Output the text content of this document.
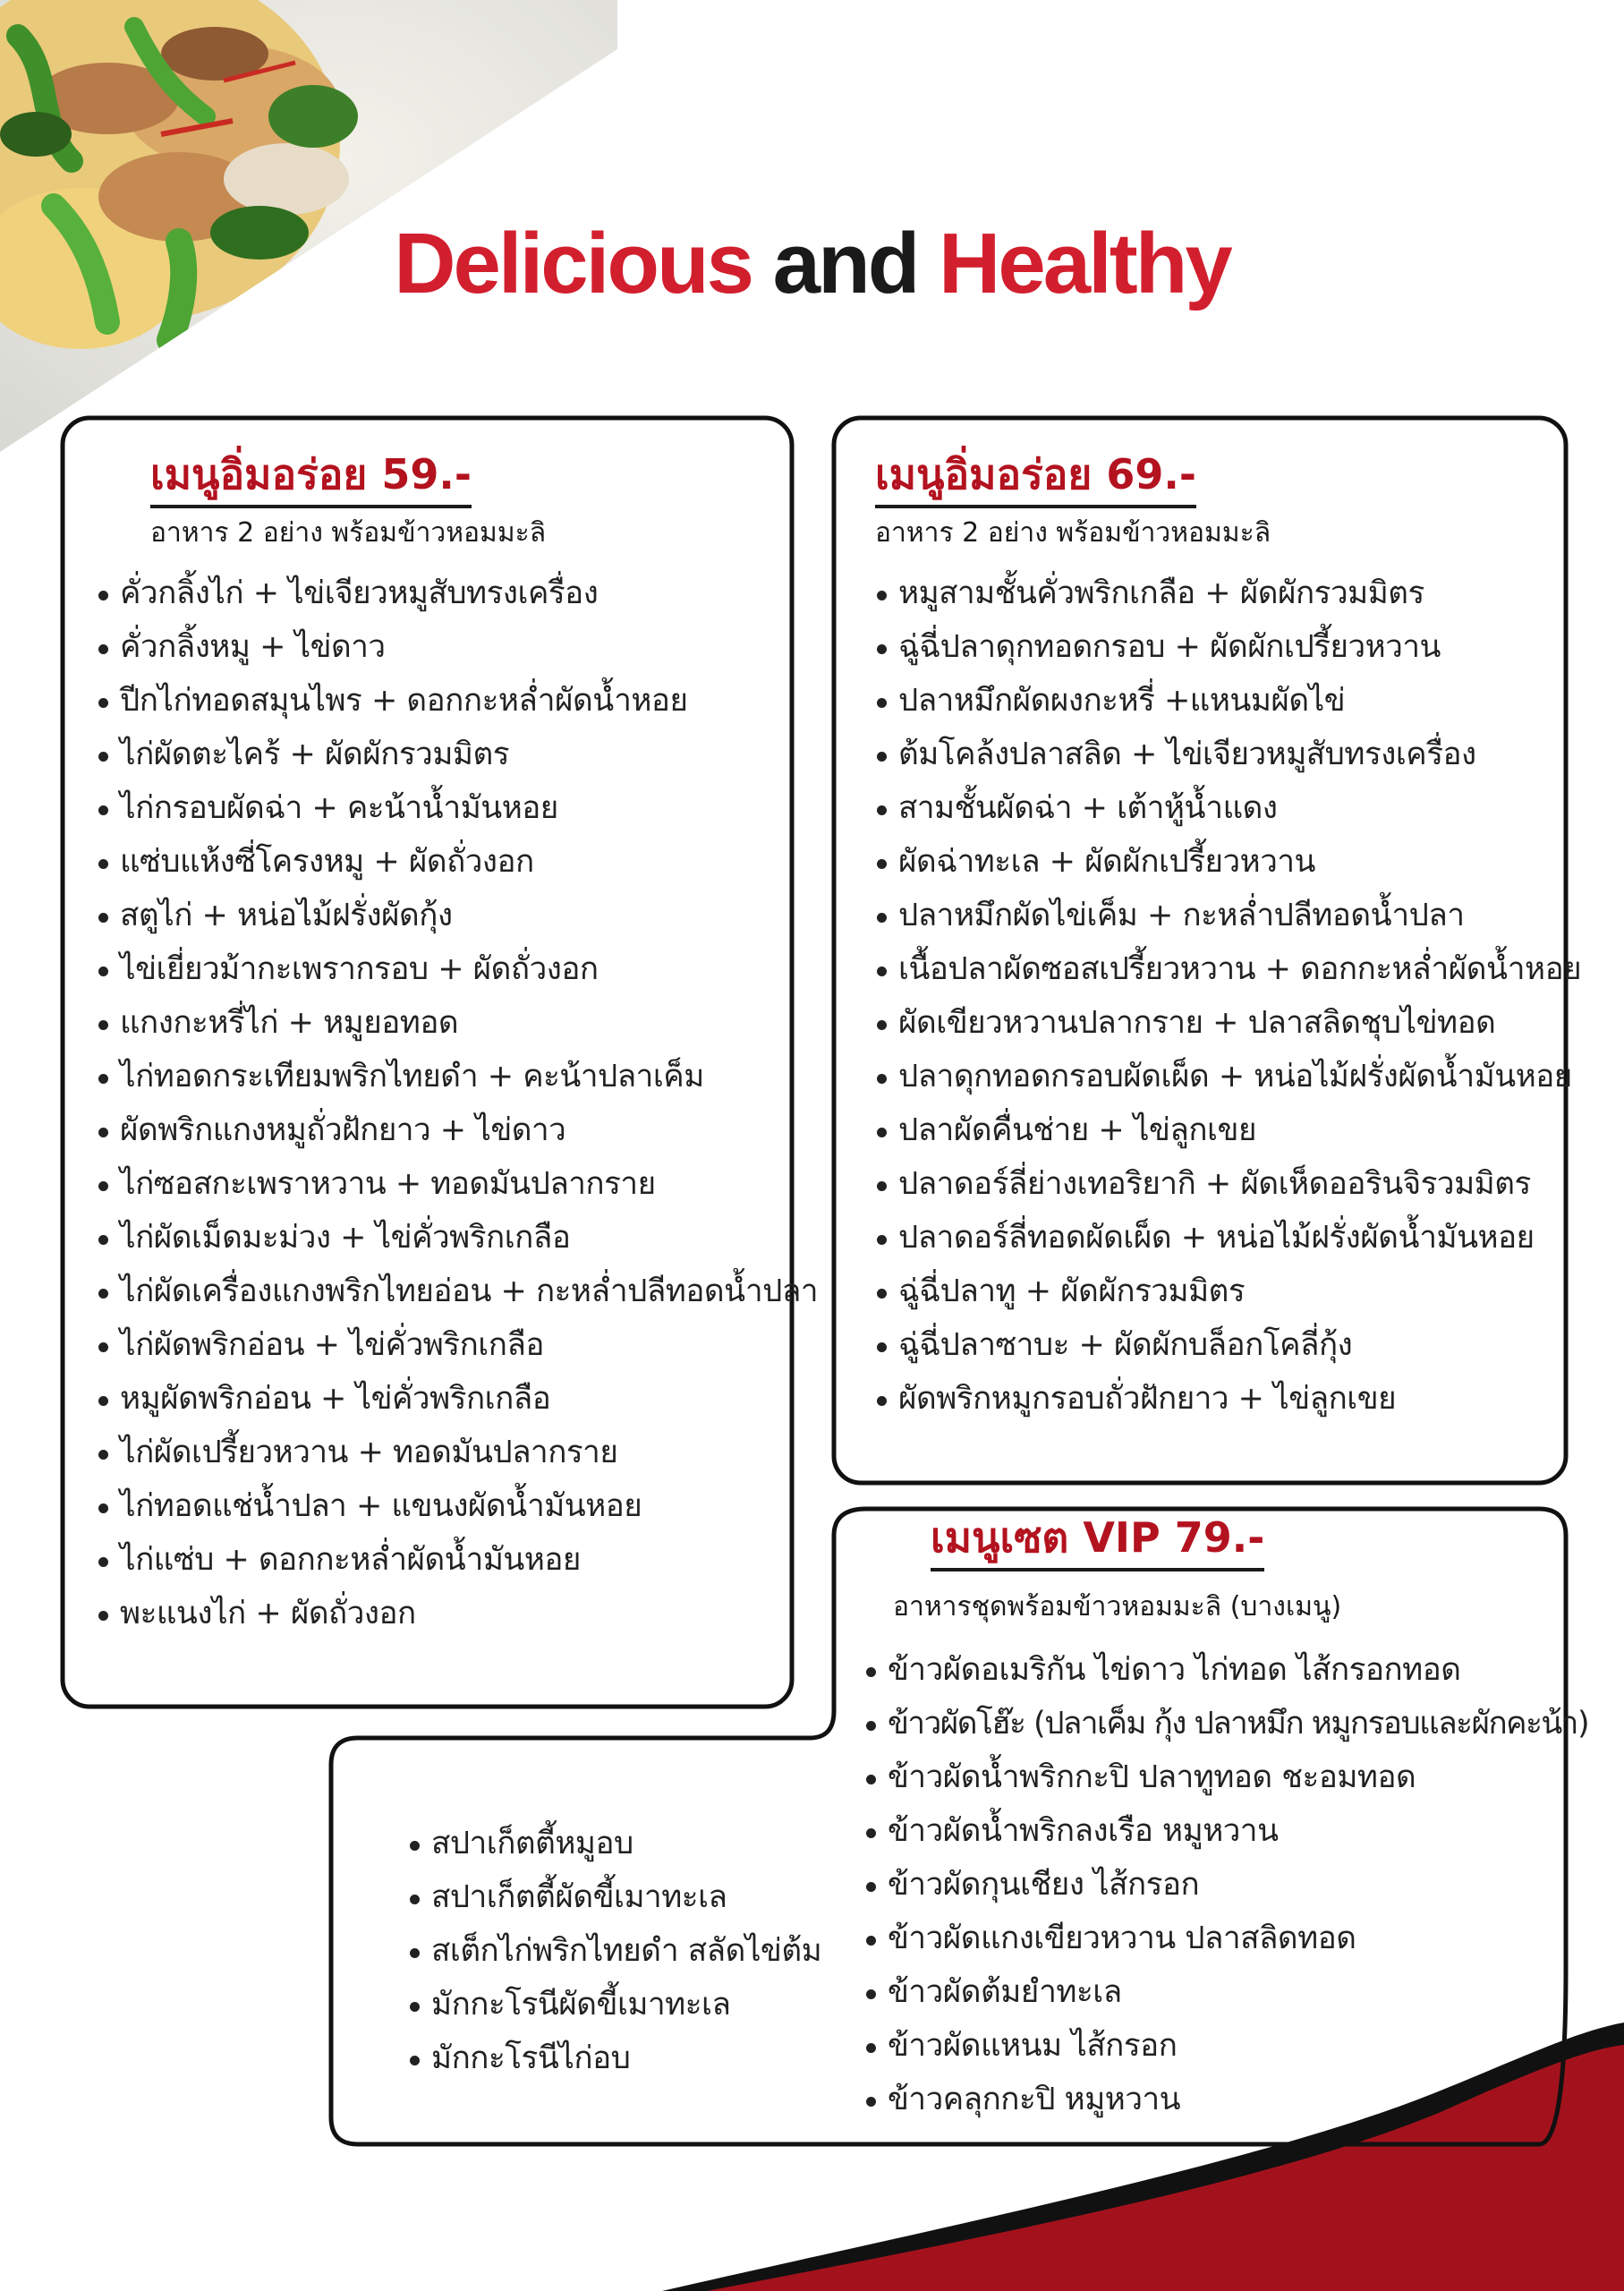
Delicious and Healthy
เมนูอิ่มอร่อย 59.-
อาหาร 2 อย่าง พร้อมข้าวหอมมะลิ
คั่วกลิ้งไก่ + ไข่เจียวหมูสับทรงเครื่อง
คั่วกลิ้งหมู + ไข่ดาว
ปีกไก่ทอดสมุนไพร + ดอกกะหล่ำผัดน้ำหอย
ไก่ผัดตะไคร้ + ผัดผักรวมมิตร
ไก่กรอบผัดฉ่า + คะน้าน้ำมันหอย
แซ่บแห้งซี่โครงหมู + ผัดถั่วงอก
สตูไก่ + หน่อไม้ฝรั่งผัดกุ้ง
ไข่เยี่ยวม้ากะเพรากรอบ + ผัดถั่วงอก
แกงกะหรี่ไก่ + หมูยอทอด
ไก่ทอดกระเทียมพริกไทยดำ + คะน้าปลาเค็ม
ผัดพริกแกงหมูถั่วฝักยาว + ไข่ดาว
ไก่ซอสกะเพราหวาน + ทอดมันปลากราย
ไก่ผัดเม็ดมะม่วง + ไข่คั่วพริกเกลือ
ไก่ผัดเครื่องแกงพริกไทยอ่อน + กะหล่ำปลีทอดน้ำปลา
ไก่ผัดพริกอ่อน + ไข่คั่วพริกเกลือ
หมูผัดพริกอ่อน + ไข่คั่วพริกเกลือ
ไก่ผัดเปรี้ยวหวาน + ทอดมันปลากราย
ไก่ทอดแช่น้ำปลา + แขนงผัดน้ำมันหอย
ไก่แซ่บ + ดอกกะหล่ำผัดน้ำมันหอย
พะแนงไก่ + ผัดถั่วงอก
เมนูอิ่มอร่อย 69.-
อาหาร 2 อย่าง พร้อมข้าวหอมมะลิ
หมูสามชั้นคั่วพริกเกลือ + ผัดผักรวมมิตร
ฉู่ฉี่ปลาดุกทอดกรอบ + ผัดผักเปรี้ยวหวาน
ปลาหมึกผัดผงกะหรี่ +แหนมผัดไข่
ต้มโคล้งปลาสลิด + ไข่เจียวหมูสับทรงเครื่อง
สามชั้นผัดฉ่า + เต้าหู้น้ำแดง
ผัดฉ่าทะเล + ผัดผักเปรี้ยวหวาน
ปลาหมึกผัดไข่เค็ม + กะหล่ำปลีทอดน้ำปลา
เนื้อปลาผัดซอสเปรี้ยวหวาน + ดอกกะหล่ำผัดน้ำหอย
ผัดเขียวหวานปลากราย + ปลาสลิดชุบไข่ทอด
ปลาดุกทอดกรอบผัดเผ็ด + หน่อไม้ฝรั่งผัดน้ำมันหอย
ปลาผัดคื่นช่าย + ไข่ลูกเขย
ปลาดอร์ลี่ย่างเทอริยากิ + ผัดเห็ดออรินจิรวมมิตร
ปลาดอร์ลี่ทอดผัดเผ็ด + หน่อไม้ฝรั่งผัดน้ำมันหอย
ฉู่ฉี่ปลาทู + ผัดผักรวมมิตร
ฉู่ฉี่ปลาซาบะ + ผัดผักบล็อกโคลี่กุ้ง
ผัดพริกหมูกรอบถั่วฝักยาว + ไข่ลูกเขย
เมนูเซต VIP 79.-
อาหารชุดพร้อมข้าวหอมมะลิ (บางเมนู)
ข้าวผัดอเมริกัน ไข่ดาว ไก่ทอด ไส้กรอกทอด
ข้าวผัดโฮ๊ะ (ปลาเค็ม กุ้ง ปลาหมึก หมูกรอบและผักคะน้า)
ข้าวผัดน้ำพริกกะปิ ปลาทูทอด ชะอมทอด
ข้าวผัดน้ำพริกลงเรือ หมูหวาน
ข้าวผัดกุนเชียง ไส้กรอก
ข้าวผัดแกงเขียวหวาน ปลาสลิดทอด
ข้าวผัดต้มยำทะเล
ข้าวผัดแหนม ไส้กรอก
ข้าวคลุกกะปิ หมูหวาน
สปาเก็ตตี้หมูอบ
สปาเก็ตตี้ผัดขี้เมาทะเล
สเต็กไก่พริกไทยดำ สลัดไข่ต้ม
มักกะโรนีผัดขี้เมาทะเล
มักกะโรนีไก่อบ
